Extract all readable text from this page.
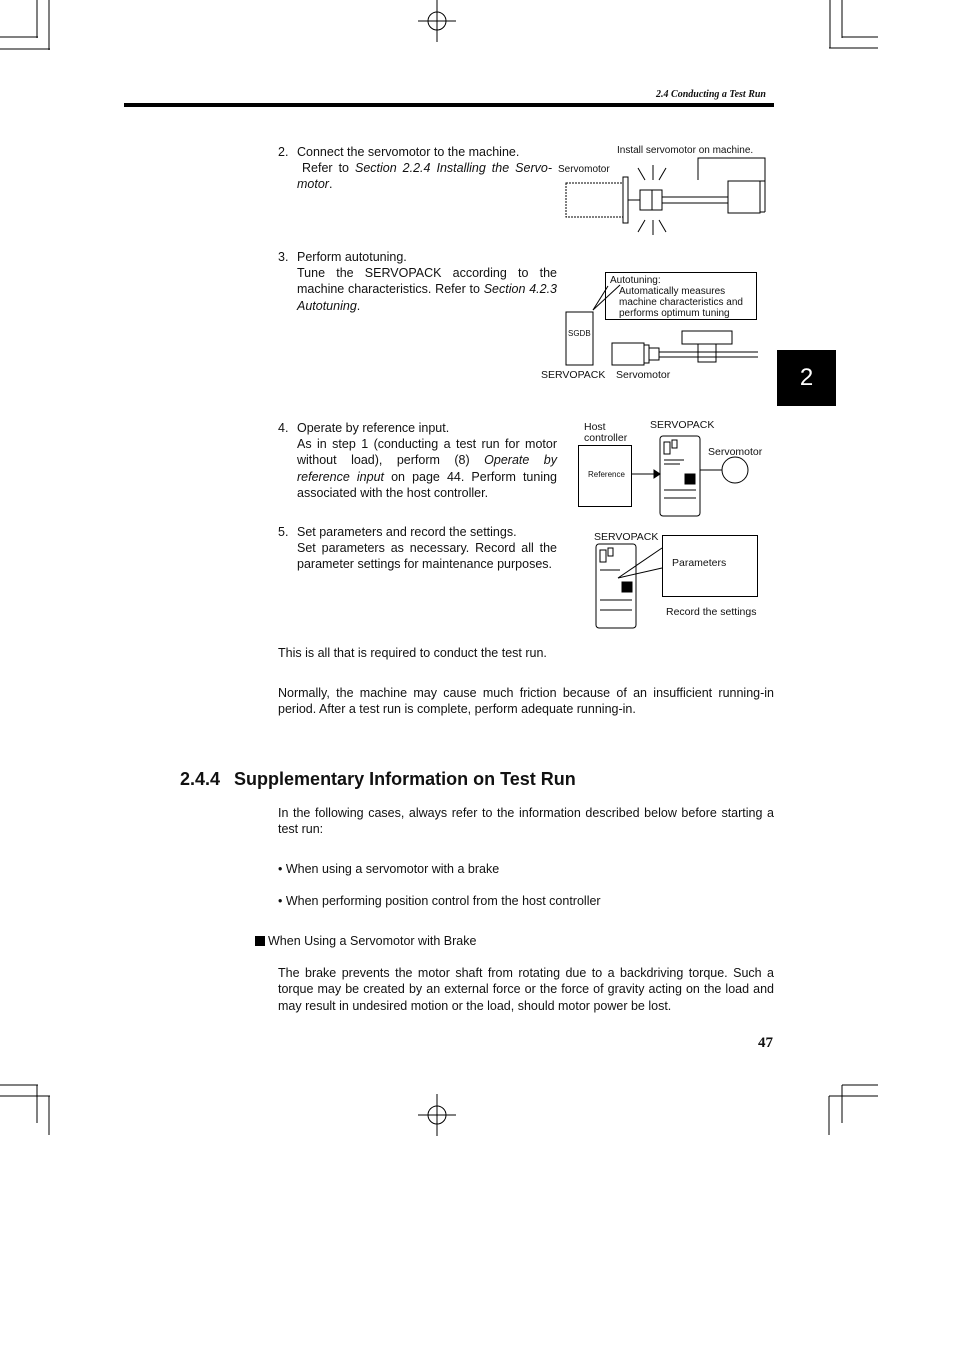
2.4 Conducting a Test Run
2
2. Connect the servomotor to the machine.
Refer to Section 2.2.4 Installing the Servo-motor.
Install servomotor on machine.
Servomotor
3. Perform autotuning.
Tune the SERVOPACK according to the machine characteristics. Refer to Section 4.2.3 Autotuning.
Autotuning:
Automatically measures machine characteristics and performs optimum tuning
SGDB
SERVOPACK Servomotor
4. Operate by reference input.
As in step 1 (conducting a test run for motor without load), perform (8) Operate by reference input on page 44. Perform tuning associated with the host controller.
Host controller
SERVOPACK
Servomotor
Reference
5. Set parameters and record the settings.
Set parameters as necessary. Record all the parameter settings for maintenance purposes.
SERVOPACK
Parameters
Record the settings
This is all that is required to conduct the test run.
Normally, the machine may cause much friction because of an insufficient running-in period. After a test run is complete, perform adequate running-in.
2.4.4 Supplementary Information on Test Run
In the following cases, always refer to the information described below before starting a test run:
• When using a servomotor with a brake
• When performing position control from the host controller
When Using a Servomotor with Brake
The brake prevents the motor shaft from rotating due to a backdriving torque. Such a torque may be created by an external force or the force of gravity acting on the load and may result in undesired motion or the load, should motor power be lost.
47
